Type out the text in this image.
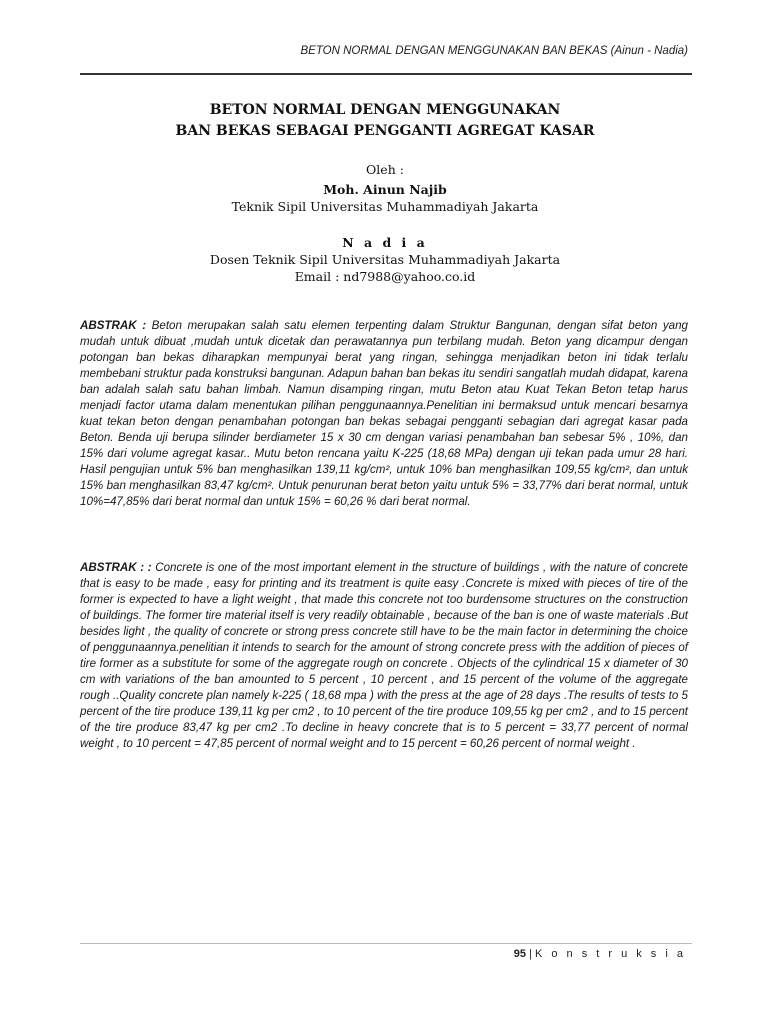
BETON NORMAL DENGAN MENGGUNAKAN BAN BEKAS (Ainun - Nadia)
BETON NORMAL DENGAN MENGGUNAKAN
BAN BEKAS SEBAGAI PENGGANTI AGREGAT KASAR
Oleh :
Moh. Ainun Najib
Teknik Sipil Universitas Muhammadiyah Jakarta
N a d i a
Dosen Teknik Sipil Universitas Muhammadiyah Jakarta
Email : nd7988@yahoo.co.id
ABSTRAK : Beton merupakan salah satu elemen terpenting dalam Struktur Bangunan, dengan sifat beton yang mudah untuk dibuat ,mudah untuk dicetak dan perawatannya pun terbilang mudah. Beton yang dicampur dengan potongan ban bekas diharapkan mempunyai berat yang ringan, sehingga menjadikan beton ini tidak terlalu membebani struktur pada konstruksi bangunan. Adapun bahan ban bekas itu sendiri sangatlah mudah didapat, karena ban adalah salah satu bahan limbah. Namun disamping ringan, mutu Beton atau Kuat Tekan Beton tetap harus menjadi factor utama dalam menentukan pilihan penggunaannya.Penelitian ini bermaksud untuk mencari besarnya kuat tekan beton dengan penambahan potongan ban bekas sebagai pengganti sebagian dari agregat kasar pada Beton. Benda uji berupa silinder berdiameter 15 x 30 cm dengan variasi penambahan ban sebesar 5% , 10%, dan 15% dari volume agregat kasar.. Mutu beton rencana yaitu K-225 (18,68 MPa) dengan uji tekan pada umur 28 hari. Hasil pengujian untuk 5% ban menghasilkan 139,11 kg/cm², untuk 10% ban menghasilkan 109,55 kg/cm², dan untuk 15% ban menghasilkan 83,47 kg/cm². Untuk penurunan berat beton yaitu untuk 5% = 33,77% dari berat normal, untuk 10%=47,85% dari berat normal dan untuk 15% = 60,26 % dari berat normal.
ABSTRAK : : Concrete is one of the most important element in the structure of buildings , with the nature of concrete that is easy to be made , easy for printing and its treatment is quite easy .Concrete is mixed with pieces of tire of the former is expected to have a light weight , that made this concrete not too burdensome structures on the construction of buildings. The former tire material itself is very readily obtainable , because of the ban is one of waste materials .But besides light , the quality of concrete or strong press concrete still have to be the main factor in determining the choice of penggunaannya.penelitian it intends to search for the amount of strong concrete press with the addition of pieces of tire former as a substitute for some of the aggregate rough on concrete . Objects of the cylindrical 15 x diameter of 30 cm with variations of the ban amounted to 5 percent , 10 percent , and 15 percent of the volume of the aggregate rough ..Quality concrete plan namely k-225 ( 18,68 mpa ) with the press at the age of 28 days .The results of tests to 5 percent of the tire produce 139,11 kg per cm2 , to 10 percent of the tire produce 109,55 kg per cm2 , and to 15 percent of the tire produce 83,47 kg per cm2 .To decline in heavy concrete that is to 5 percent = 33,77 percent of normal weight , to 10 percent = 47,85 percent of normal weight and to 15 percent = 60,26 percent of normal weight .
95 | K o n s t r u k s i a
